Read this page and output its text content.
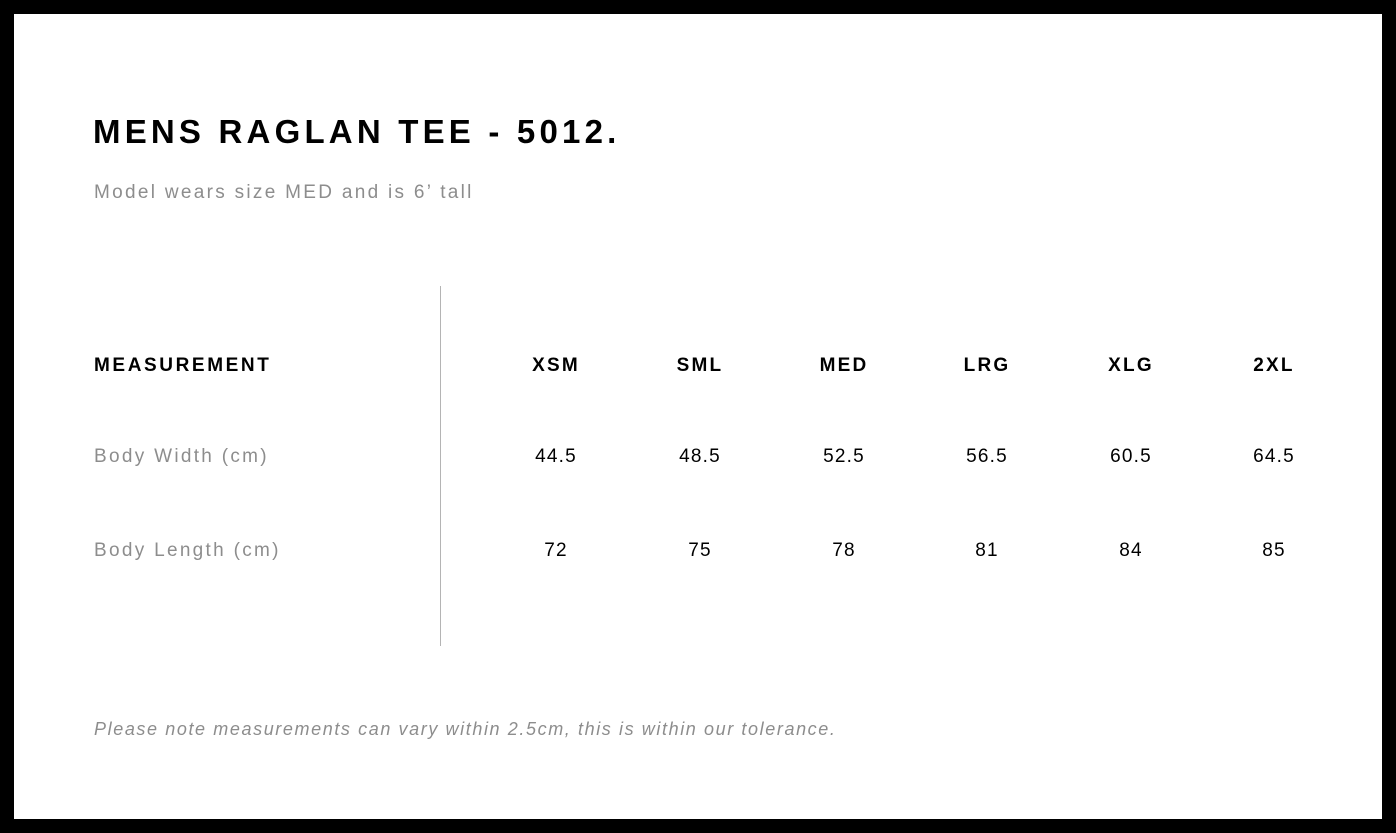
MENS RAGLAN TEE - 5012.
Model wears size MED and is 6’ tall
MEASUREMENT	XSM	SML	MED	LRG	XLG	2XL
Body Width (cm)	44.5	48.5	52.5	56.5	60.5	64.5
Body Length (cm)	72	75	78	81	84	85
Please note measurements can vary within 2.5cm, this is within our tolerance.
